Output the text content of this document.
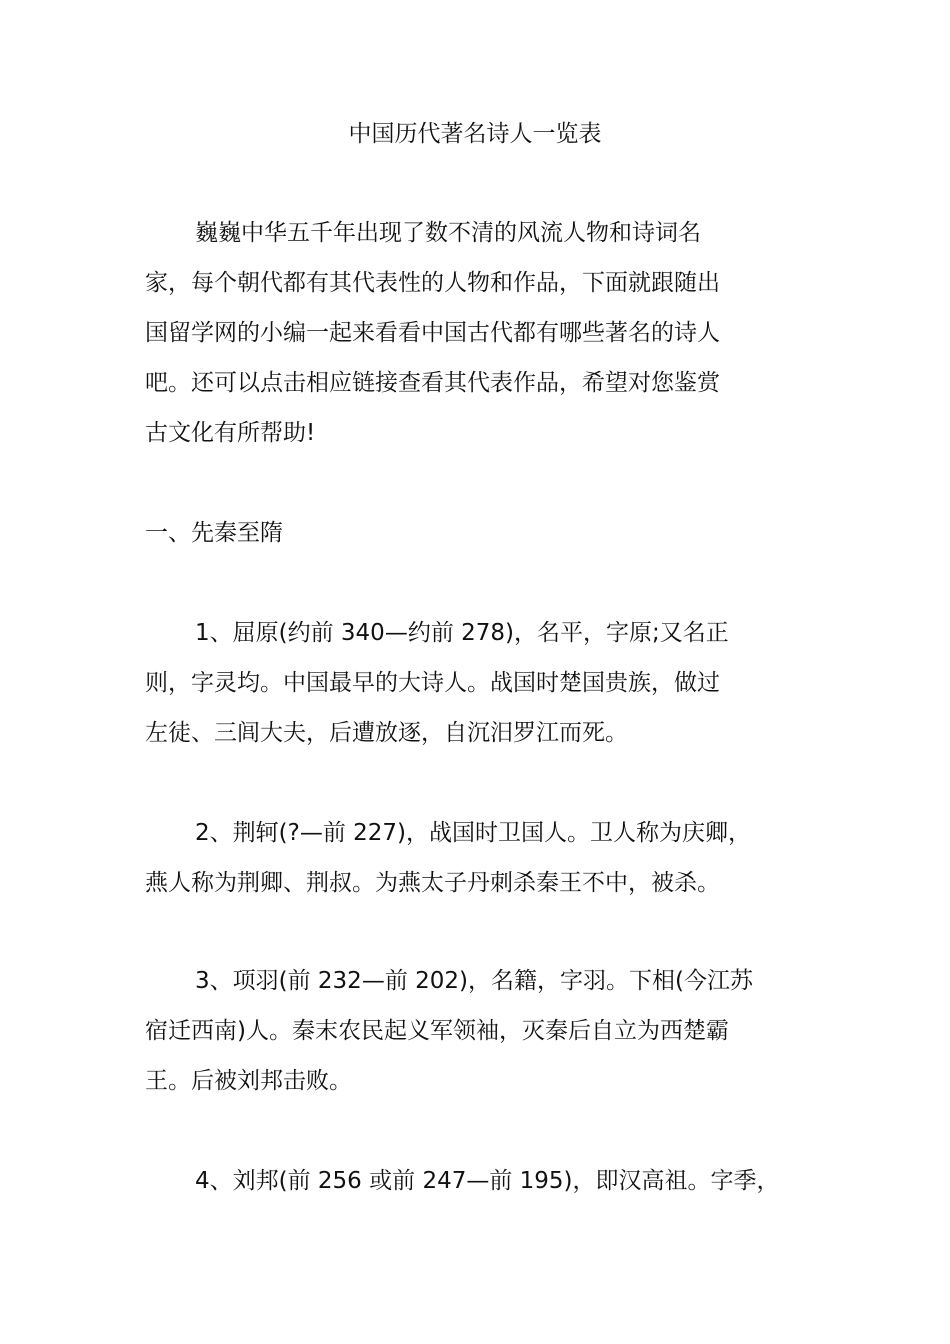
中国历代著名诗人一览表
巍巍中华五千年出现了数不清的风流人物和诗词名
家，每个朝代都有其代表性的人物和作品，下面就跟随出
国留学网的小编一起来看看中国古代都有哪些著名的诗人
吧。还可以点击相应链接查看其代表作品，希望对您鉴赏
古文化有所帮助!
一、先秦至隋
1、屈原(约前 340—约前 278)，名平，字原;又名正
则，字灵均。中国最早的大诗人。战国时楚国贵族，做过
左徒、三闾大夫，后遭放逐，自沉汨罗江而死。
2、荆轲(?—前 227)，战国时卫国人。卫人称为庆卿，
燕人称为荆卿、荆叔。为燕太子丹刺杀秦王不中，被杀。
3、项羽(前 232—前 202)，名籍，字羽。下相(今江苏
宿迁西南)人。秦末农民起义军领袖，灭秦后自立为西楚霸
王。后被刘邦击败。
4、刘邦(前 256 或前 247—前 195)，即汉高祖。字季，
